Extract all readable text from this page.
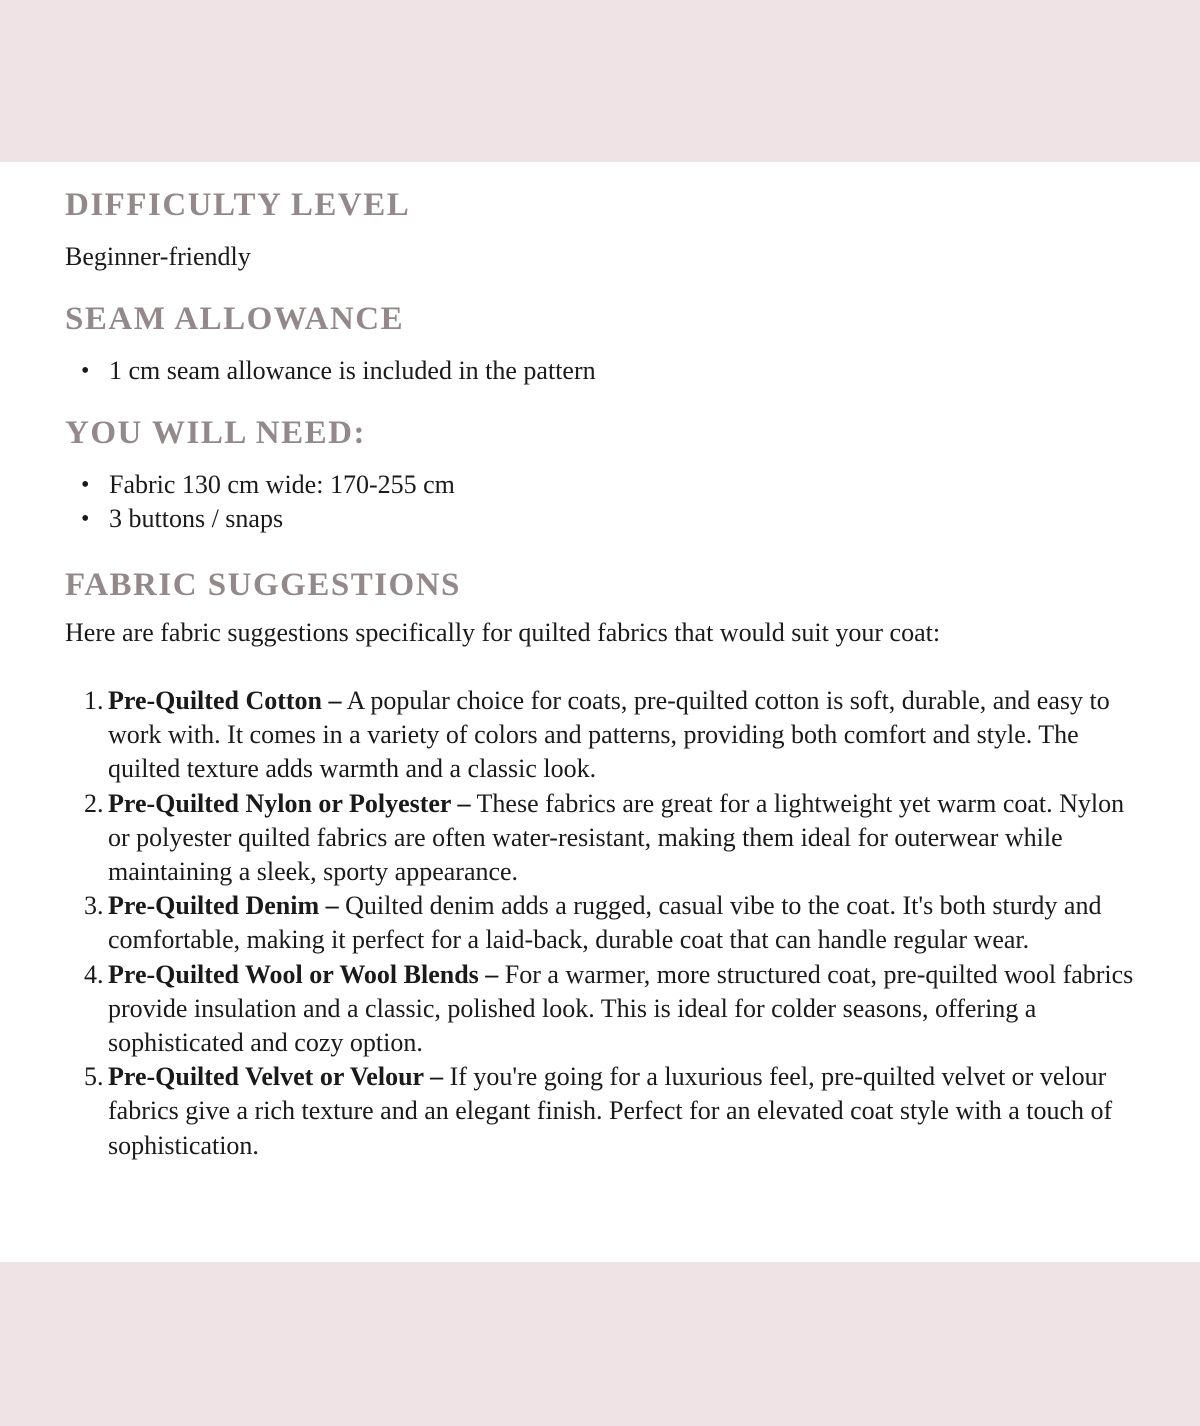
DIFFICULTY LEVEL

Beginner-friendly

SEAM ALLOWANCE
• 1 cm seam allowance is included in the pattern
YOU WILL NEED:
• Fabric 130 cm wide: 170-255 cm
• 3 buttons / snaps
FABRIC SUGGESTIONS

Here are fabric suggestions specifically for quilted fabrics that would suit your coat:

1. Pre-Quilted Cotton – A popular choice for coats, pre-quilted cotton is soft, durable, and easy to work with. It comes in a variety of colors and patterns, providing both comfort and style. The quilted texture adds warmth and a classic look.
2. Pre-Quilted Nylon or Polyester – These fabrics are great for a lightweight yet warm coat. Nylon or polyester quilted fabrics are often water-resistant, making them ideal for outerwear while maintaining a sleek, sporty appearance.
3. Pre-Quilted Denim – Quilted denim adds a rugged, casual vibe to the coat. It's both sturdy and comfortable, making it perfect for a laid-back, durable coat that can handle regular wear.
4. Pre-Quilted Wool or Wool Blends – For a warmer, more structured coat, pre-quilted wool fabrics provide insulation and a classic, polished look. This is ideal for colder seasons, offering a sophisticated and cozy option.
5. Pre-Quilted Velvet or Velour – If you're going for a luxurious feel, pre-quilted velvet or velour fabrics give a rich texture and an elegant finish. Perfect for an elevated coat style with a touch of sophistication.
